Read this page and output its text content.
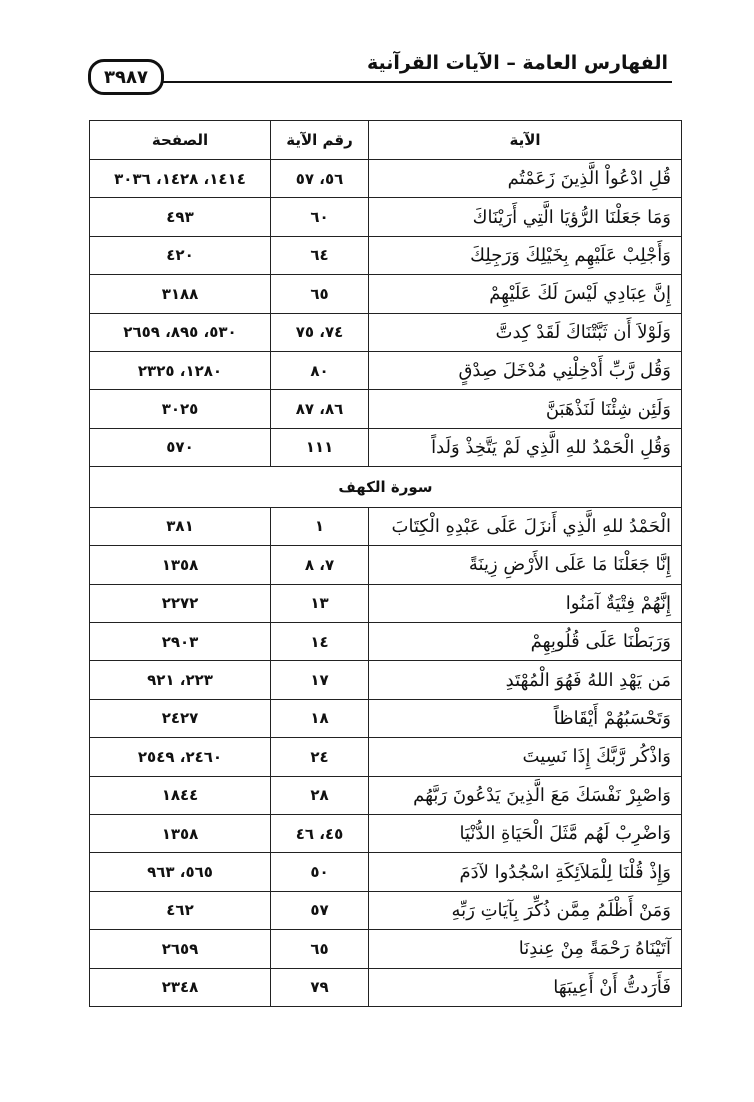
الفهارس العامة – الآيات القرآنية
٣٩٨٧
الآية	رقم الآية	الصفحة
قُلِ ادْعُواْ الَّذِينَ زَعَمْتُم	٥٦، ٥٧	١٤١٤، ١٤٢٨، ٣٠٣٦
وَمَا جَعَلْنَا الرُّؤيَا الَّتِي أَرَيْنَاكَ	٦٠	٤٩٣
وَأَجْلِبْ عَلَيْهِم بِخَيْلِكَ وَرَجِلِكَ	٦٤	٤٢٠
إِنَّ عِبَادِي لَيْسَ لَكَ عَلَيْهِمْ	٦٥	٣١٨٨
وَلَوْلاَ أَن ثَبَّتْنَاكَ لَقَدْ كِدتَّ	٧٤، ٧٥	٥٣٠، ٨٩٥، ٢٦٥٩
وَقُل رَّبِّ أَدْخِلْنِي مُدْخَلَ صِدْقٍ	٨٠	١٢٨٠، ٢٣٢٥
وَلَئِن شِئْنَا لَنَذْهَبَنَّ	٨٦، ٨٧	٣٠٢٥
وَقُلِ الْحَمْدُ للهِ الَّذِي لَمْ يَتَّخِذْ وَلَداً	١١١	٥٧٠
سورة الكهف		
الْحَمْدُ للهِ الَّذِي أَنزَلَ عَلَى عَبْدِهِ الْكِتَابَ	١	٣٨١
إِنَّا جَعَلْنَا مَا عَلَى الأَرْضِ زِينَةً	٧، ٨	١٣٥٨
إِنَّهُمْ فِتْيَةٌ آمَنُوا	١٣	٢٢٧٢
وَرَبَطْنَا عَلَى قُلُوبِهِمْ	١٤	٢٩٠٣
مَن يَهْدِ اللهُ فَهُوَ الْمُهْتَدِ	١٧	٢٢٣، ٩٢١
وَتَحْسَبُهُمْ أَيْقَاظاً	١٨	٢٤٢٧
وَاذْكُر رَّبَّكَ إِذَا نَسِيتَ	٢٤	٢٤٦٠، ٢٥٤٩
وَاصْبِرْ نَفْسَكَ مَعَ الَّذِينَ يَدْعُونَ رَبَّهُم	٢٨	١٨٤٤
وَاضْرِبْ لَهُم مَّثَلَ الْحَيَاةِ الدُّنْيَا	٤٥، ٤٦	١٣٥٨
وَإِذْ قُلْنَا لِلْمَلاَئِكَةِ اسْجُدُوا لآدَمَ	٥٠	٥٦٥، ٩٦٣
وَمَنْ أَظْلَمُ مِمَّن ذُكِّرَ بِآيَاتِ رَبِّهِ	٥٧	٤٦٢
آتَيْنَاهُ رَحْمَةً مِنْ عِندِنَا	٦٥	٢٦٥٩
فَأَرَدتُّ أَنْ أَعِيبَهَا	٧٩	٢٣٤٨
